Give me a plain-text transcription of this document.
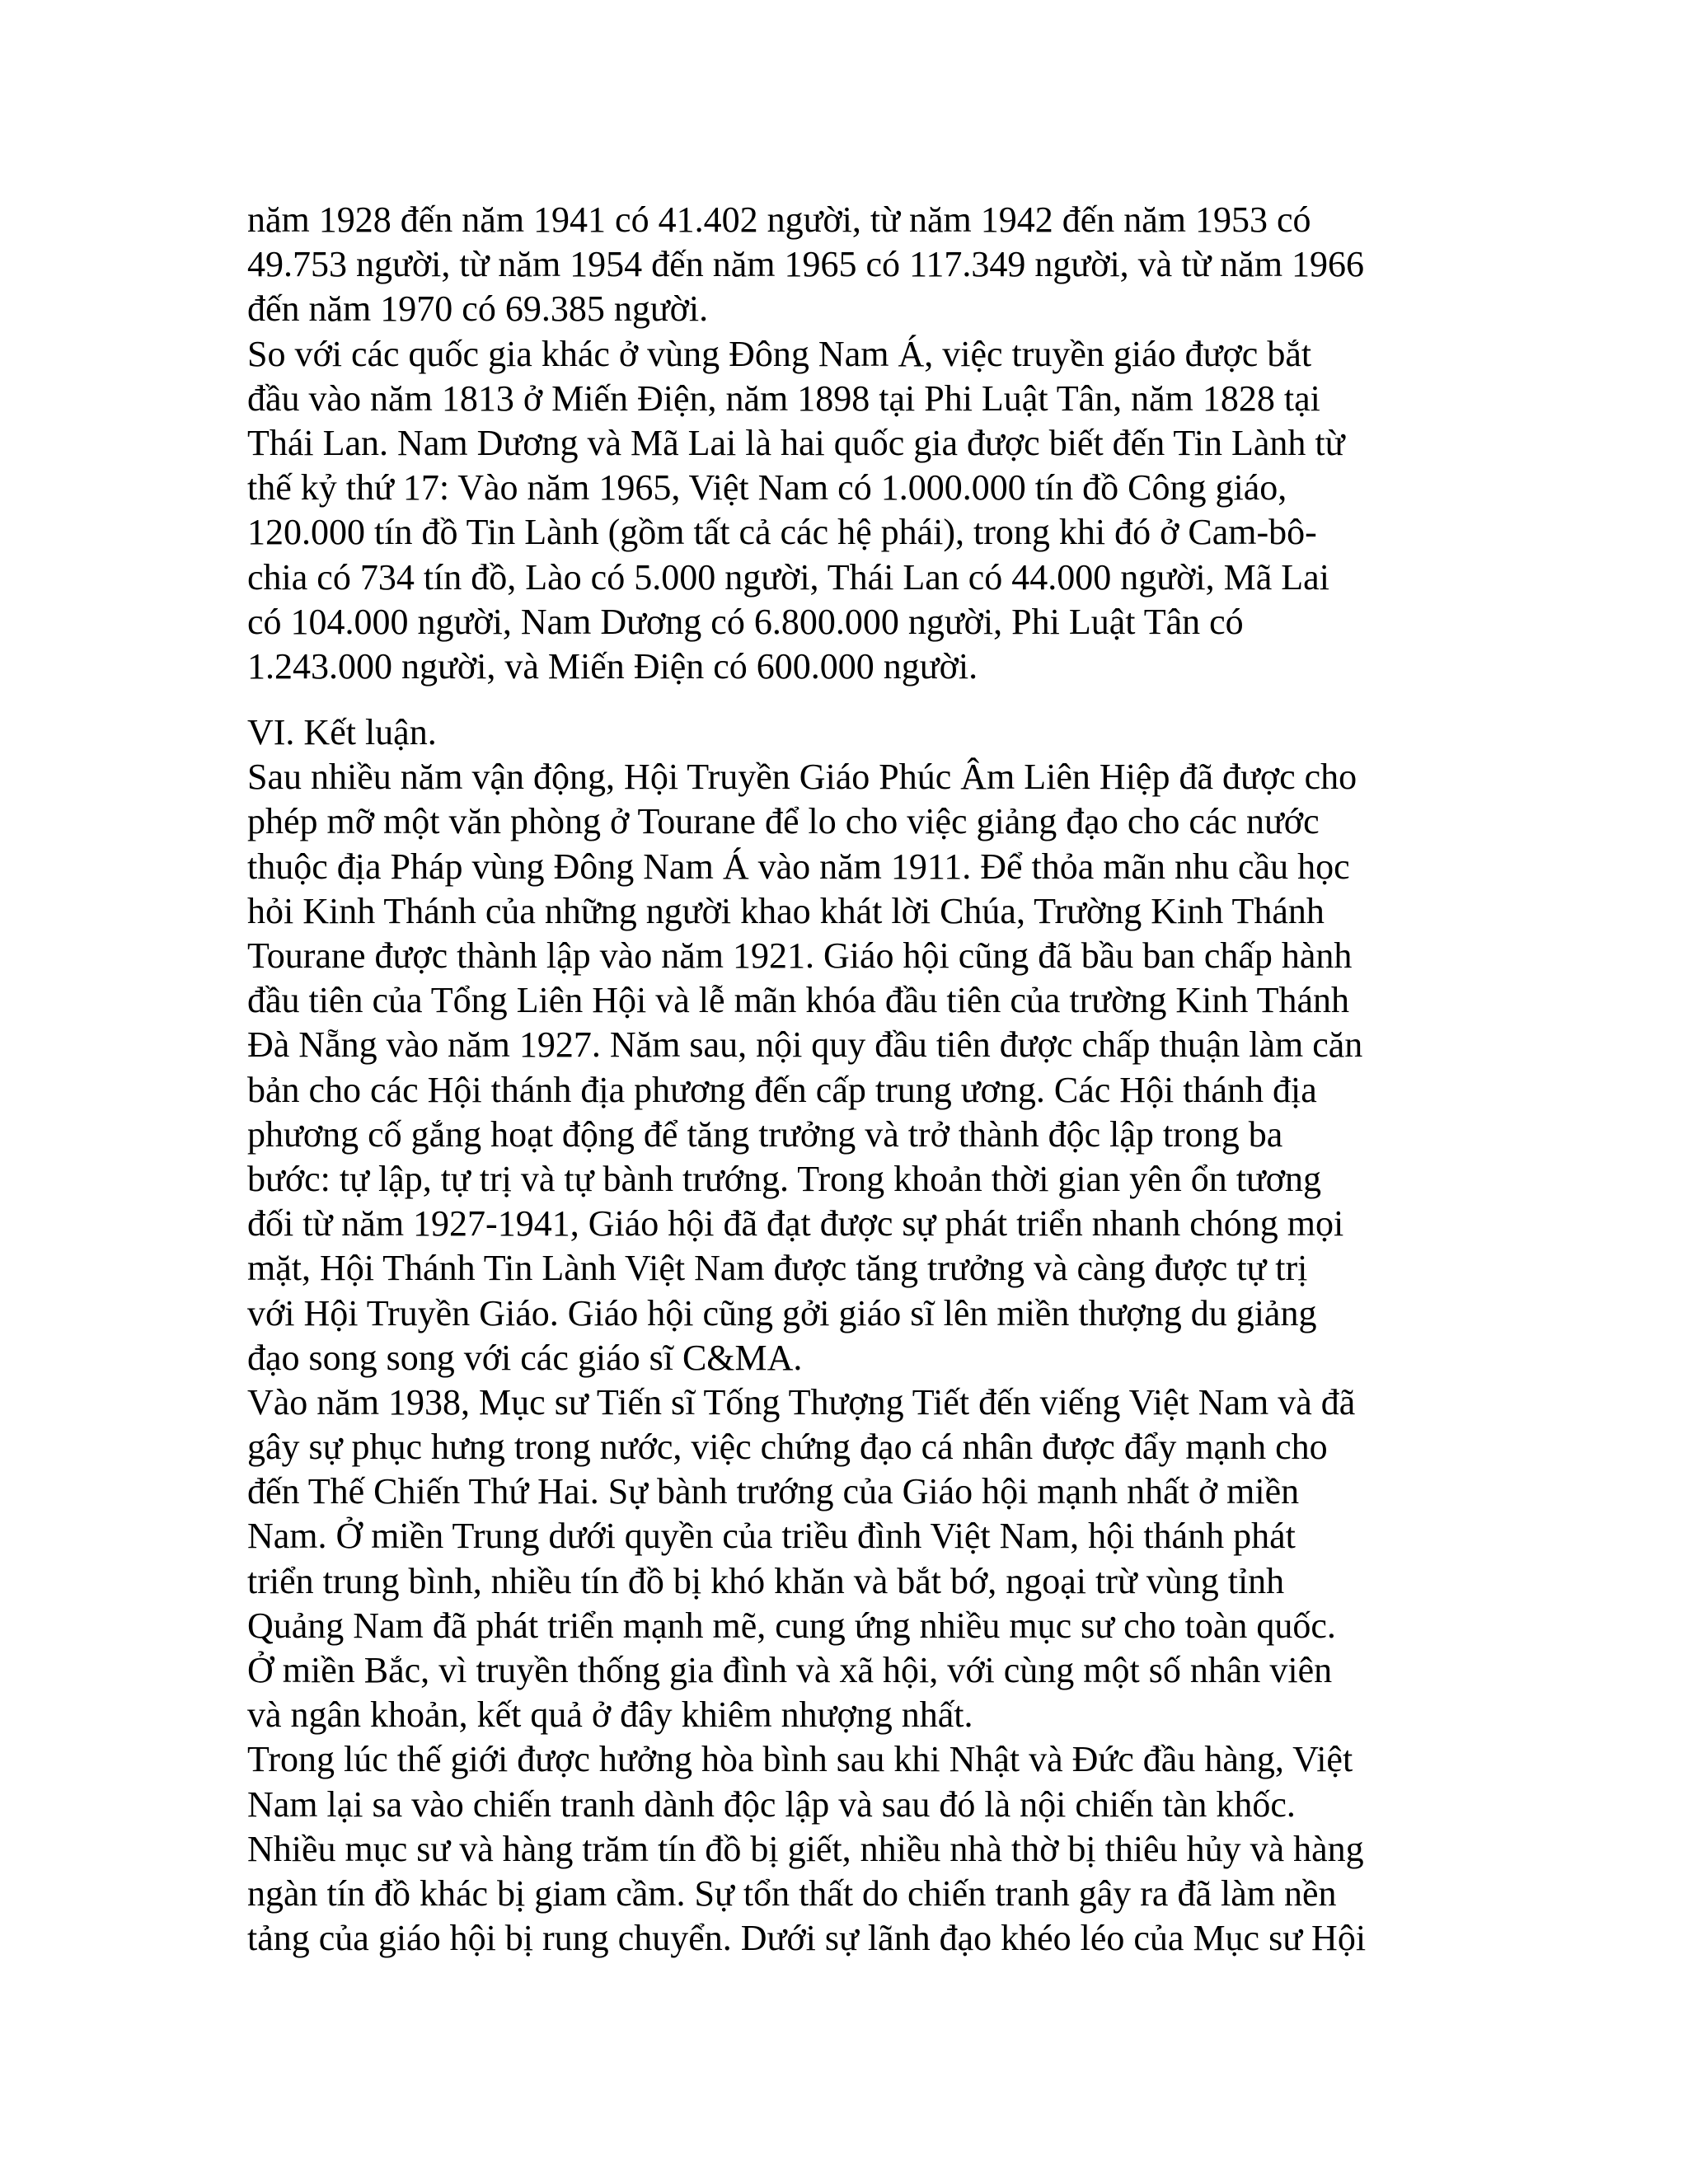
năm 1928 đến năm 1941 có 41.402 người, từ năm 1942 đến năm 1953 có
49.753 người, từ năm 1954 đến năm 1965 có 117.349 người, và từ năm 1966
đến năm 1970 có 69.385 người.
So với các quốc gia khác ở vùng Đông Nam Á, việc truyền giáo được bắt
đầu vào năm 1813 ở Miến Điện, năm 1898 tại Phi Luật Tân, năm 1828 tại
Thái Lan. Nam Dương và Mã Lai là hai quốc gia được biết đến Tin Lành từ
thế kỷ thứ 17: Vào năm 1965, Việt Nam có 1.000.000 tín đồ Công giáo,
120.000 tín đồ Tin Lành (gồm tất cả các hệ phái), trong khi đó ở Cam-bô-
chia có 734 tín đồ, Lào có 5.000 người, Thái Lan có 44.000 người, Mã Lai
có 104.000 người, Nam Dương có 6.800.000 người, Phi Luật Tân có
1.243.000 người, và Miến Điện có 600.000 người.
VI. Kết luận.
Sau nhiều năm vận động, Hội Truyền Giáo Phúc Âm Liên Hiệp đã được cho
phép mỡ một văn phòng ở Tourane để lo cho việc giảng đạo cho các nước
thuộc địa Pháp vùng Đông Nam Á vào năm 1911. Để thỏa mãn nhu cầu học
hỏi Kinh Thánh của những người khao khát lời Chúa, Trường Kinh Thánh
Tourane được thành lập vào năm 1921. Giáo hội cũng đã bầu ban chấp hành
đầu tiên của Tổng Liên Hội và lễ mãn khóa đầu tiên của trường Kinh Thánh
Đà Nẵng vào năm 1927. Năm sau, nội quy đầu tiên được chấp thuận làm căn
bản cho các Hội thánh địa phương đến cấp trung ương. Các Hội thánh địa
phương cố gắng hoạt động để tăng trưởng và trở thành độc lập trong ba
bước: tự lập, tự trị và tự bành trướng. Trong khoản thời gian yên ổn tương
đối từ năm 1927-1941, Giáo hội đã đạt được sự phát triển nhanh chóng mọi
mặt, Hội Thánh Tin Lành Việt Nam được tăng trưởng và càng được tự trị
với Hội Truyền Giáo. Giáo hội cũng gởi giáo sĩ lên miền thượng du giảng
đạo song song với các giáo sĩ C&MA.
Vào năm 1938, Mục sư Tiến sĩ Tống Thượng Tiết đến viếng Việt Nam và đã
gây sự phục hưng trong nước, việc chứng đạo cá nhân được đẩy mạnh cho
đến Thế Chiến Thứ Hai. Sự bành trướng của Giáo hội mạnh nhất ở miền
Nam. Ở miền Trung dưới quyền của triều đình Việt Nam, hội thánh phát
triển trung bình, nhiều tín đồ bị khó khăn và bắt bớ, ngoại trừ vùng tỉnh
Quảng Nam đã phát triển mạnh mẽ, cung ứng nhiều mục sư cho toàn quốc.
Ở miền Bắc, vì truyền thống gia đình và xã hội, với cùng một số nhân viên
và ngân khoản, kết quả ở đây khiêm nhượng nhất.
Trong lúc thế giới được hưởng hòa bình sau khi Nhật và Đức đầu hàng, Việt
Nam lại sa vào chiến tranh dành độc lập và sau đó là nội chiến tàn khốc.
Nhiều mục sư và hàng trăm tín đồ bị giết, nhiều nhà thờ bị thiêu hủy và hàng
ngàn tín đồ khác bị giam cầm. Sự tổn thất do chiến tranh gây ra đã làm nền
tảng của giáo hội bị rung chuyển. Dưới sự lãnh đạo khéo léo của Mục sư Hội
